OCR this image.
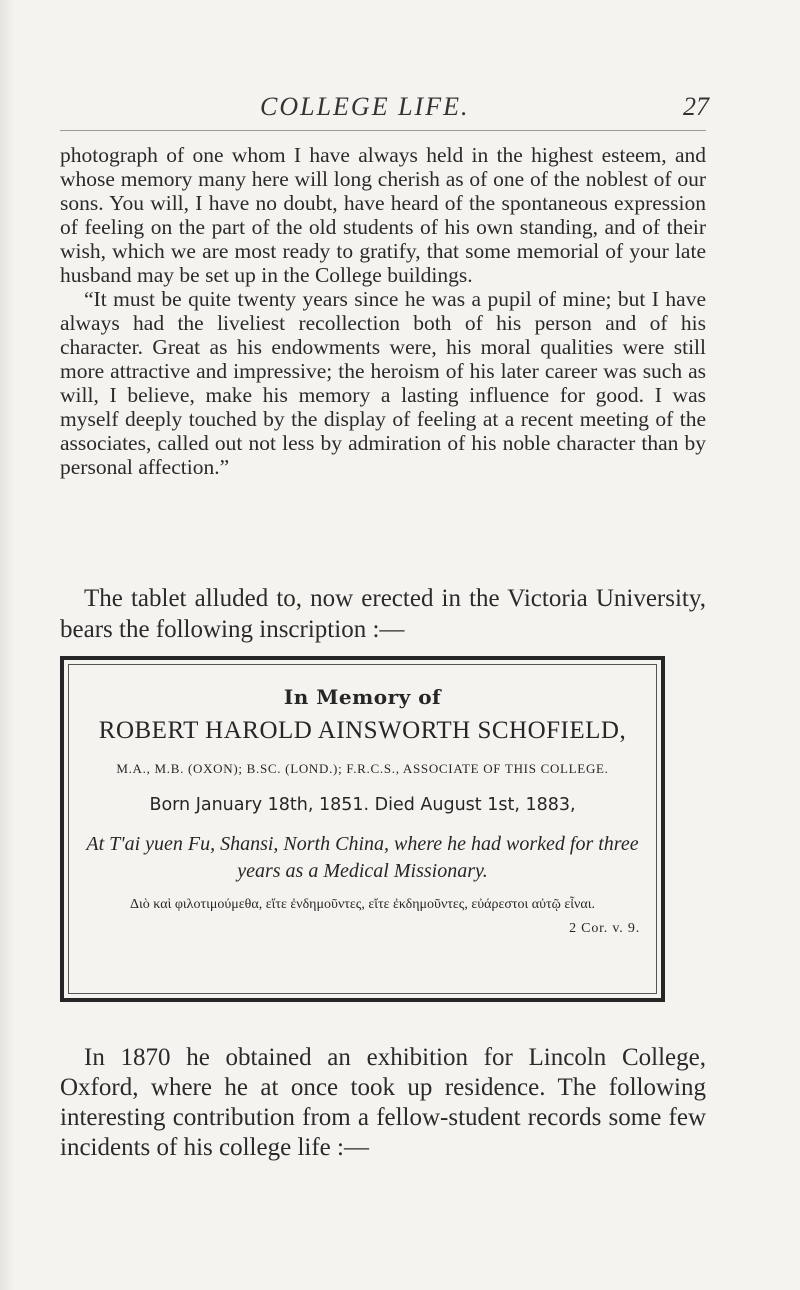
COLLEGE LIFE.	27

photograph of one whom I have always held in the highest esteem, and whose memory many here will long cherish as of one of the noblest of our sons. You will, I have no doubt, have heard of the spontaneous expression of feeling on the part of the old students of his own standing, and of their wish, which we are most ready to gratify, that some memorial of your late husband may be set up in the College buildings.

“It must be quite twenty years since he was a pupil of mine; but I have always had the liveliest recollection both of his person and of his character. Great as his endowments were, his moral qualities were still more attractive and impressive; the heroism of his later career was such as will, I believe, make his memory a lasting influence for good. I was myself deeply touched by the display of feeling at a recent meeting of the associates, called out not less by admiration of his noble character than by personal affection.”

The tablet alluded to, now erected in the Victoria University, bears the following inscription :—

In Memory of
ROBERT HAROLD AINSWORTH SCHOFIELD,
M.A., M.B. (OXON); B.SC. (LOND.); F.R.C.S., ASSOCIATE OF THIS COLLEGE.
Born January 18th, 1851. Died August 1st, 1883,
At T'ai yuen Fu, Shansi, North China, where he had worked for three years as a Medical Missionary.
Διὸ καὶ φιλοτιμούμεθα, εἴτε ἐνδημοῦντες, εἴτε ἐκδημοῦντες, εὐάρεστοι αὐτῷ εἶναι.
2 Cor. v. 9.

In 1870 he obtained an exhibition for Lincoln College, Oxford, where he at once took up residence. The following interesting contribution from a fellow-student records some few incidents of his college life :—
